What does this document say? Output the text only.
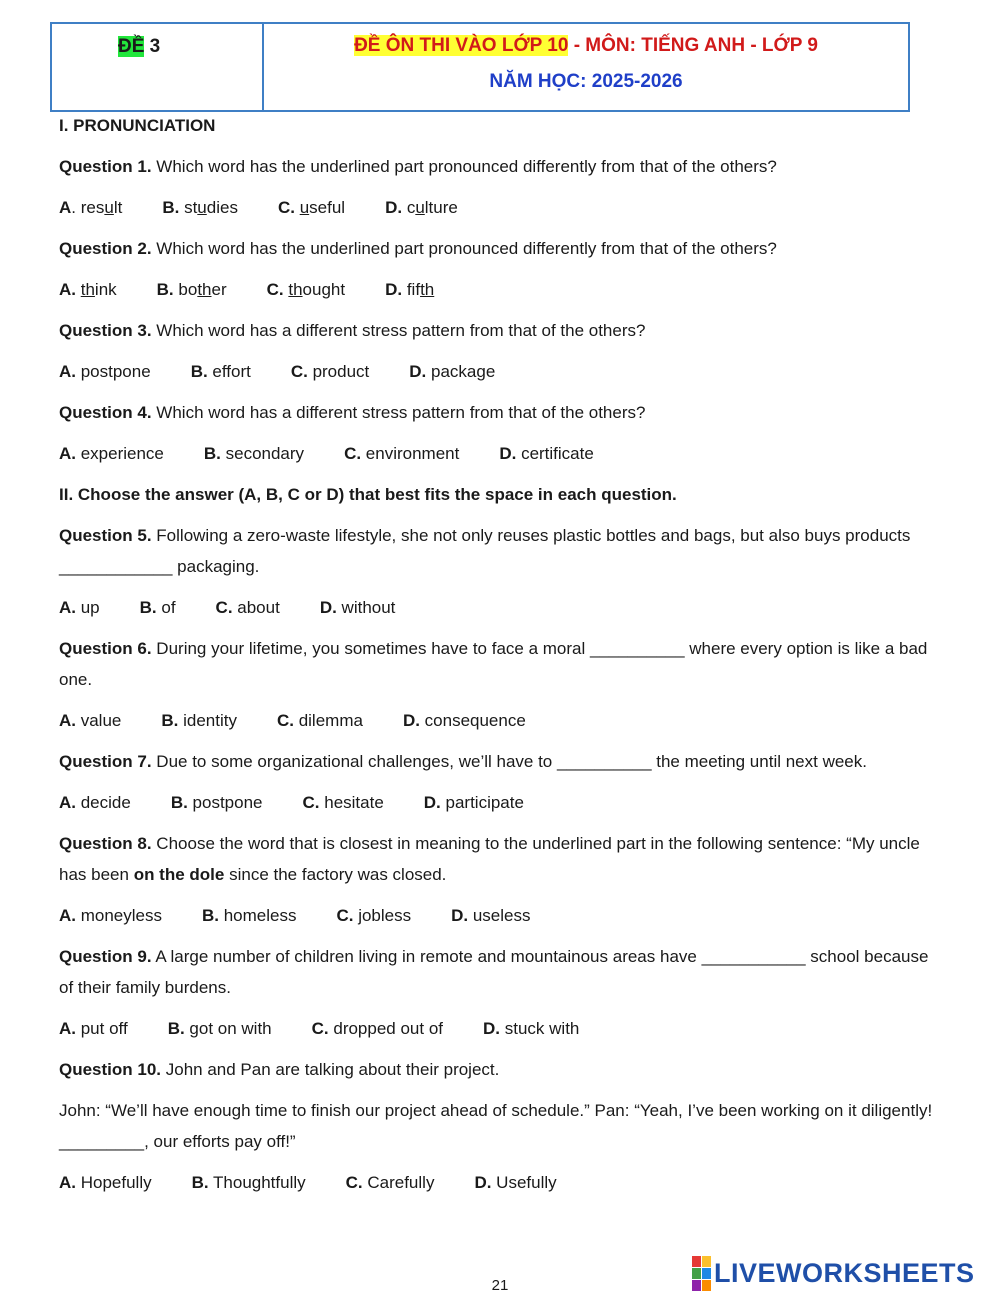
ĐỀ 3	ĐỀ ÔN THI VÀO LỚP 10 - MÔN: TIẾNG ANH - LỚP 9
NĂM HỌC: 2025-2026
I. PRONUNCIATION
Question 1. Which word has the underlined part pronounced differently from that of the others?
A. result B. studies C. useful D. culture
Question 2. Which word has the underlined part pronounced differently from that of the others?
A. think B. bother C. thought D. fifth
Question 3. Which word has a different stress pattern from that of the others?
A. postpone B. effort C. product D. package
Question 4. Which word has a different stress pattern from that of the others?
A. experience B. secondary C. environment D. certificate
II. Choose the answer (A, B, C or D) that best fits the space in each question.
Question 5. Following a zero-waste lifestyle, she not only reuses plastic bottles and bags, but also buys products ____________ packaging.
A. up B. of C. about D. without
Question 6. During your lifetime, you sometimes have to face a moral __________ where every option is like a bad one.
A. value B. identity C. dilemma D. consequence
Question 7. Due to some organizational challenges, we’ll have to __________ the meeting until next week.
A. decide B. postpone C. hesitate D. participate
Question 8. Choose the word that is closest in meaning to the underlined part in the following sentence: “My uncle has been on the dole since the factory was closed.
A. moneyless B. homeless C. jobless D. useless
Question 9. A large number of children living in remote and mountainous areas have ___________ school because of their family burdens.
A. put off B. got on with C. dropped out of D. stuck with
Question 10. John and Pan are talking about their project.
John: “We’ll have enough time to finish our project ahead of schedule.” Pan: “Yeah, I’ve been working on it diligently! _________, our efforts pay off!”
A. Hopefully B. Thoughtfully C. Carefully D. Usefully
LIVEWORKSHEETS
21
